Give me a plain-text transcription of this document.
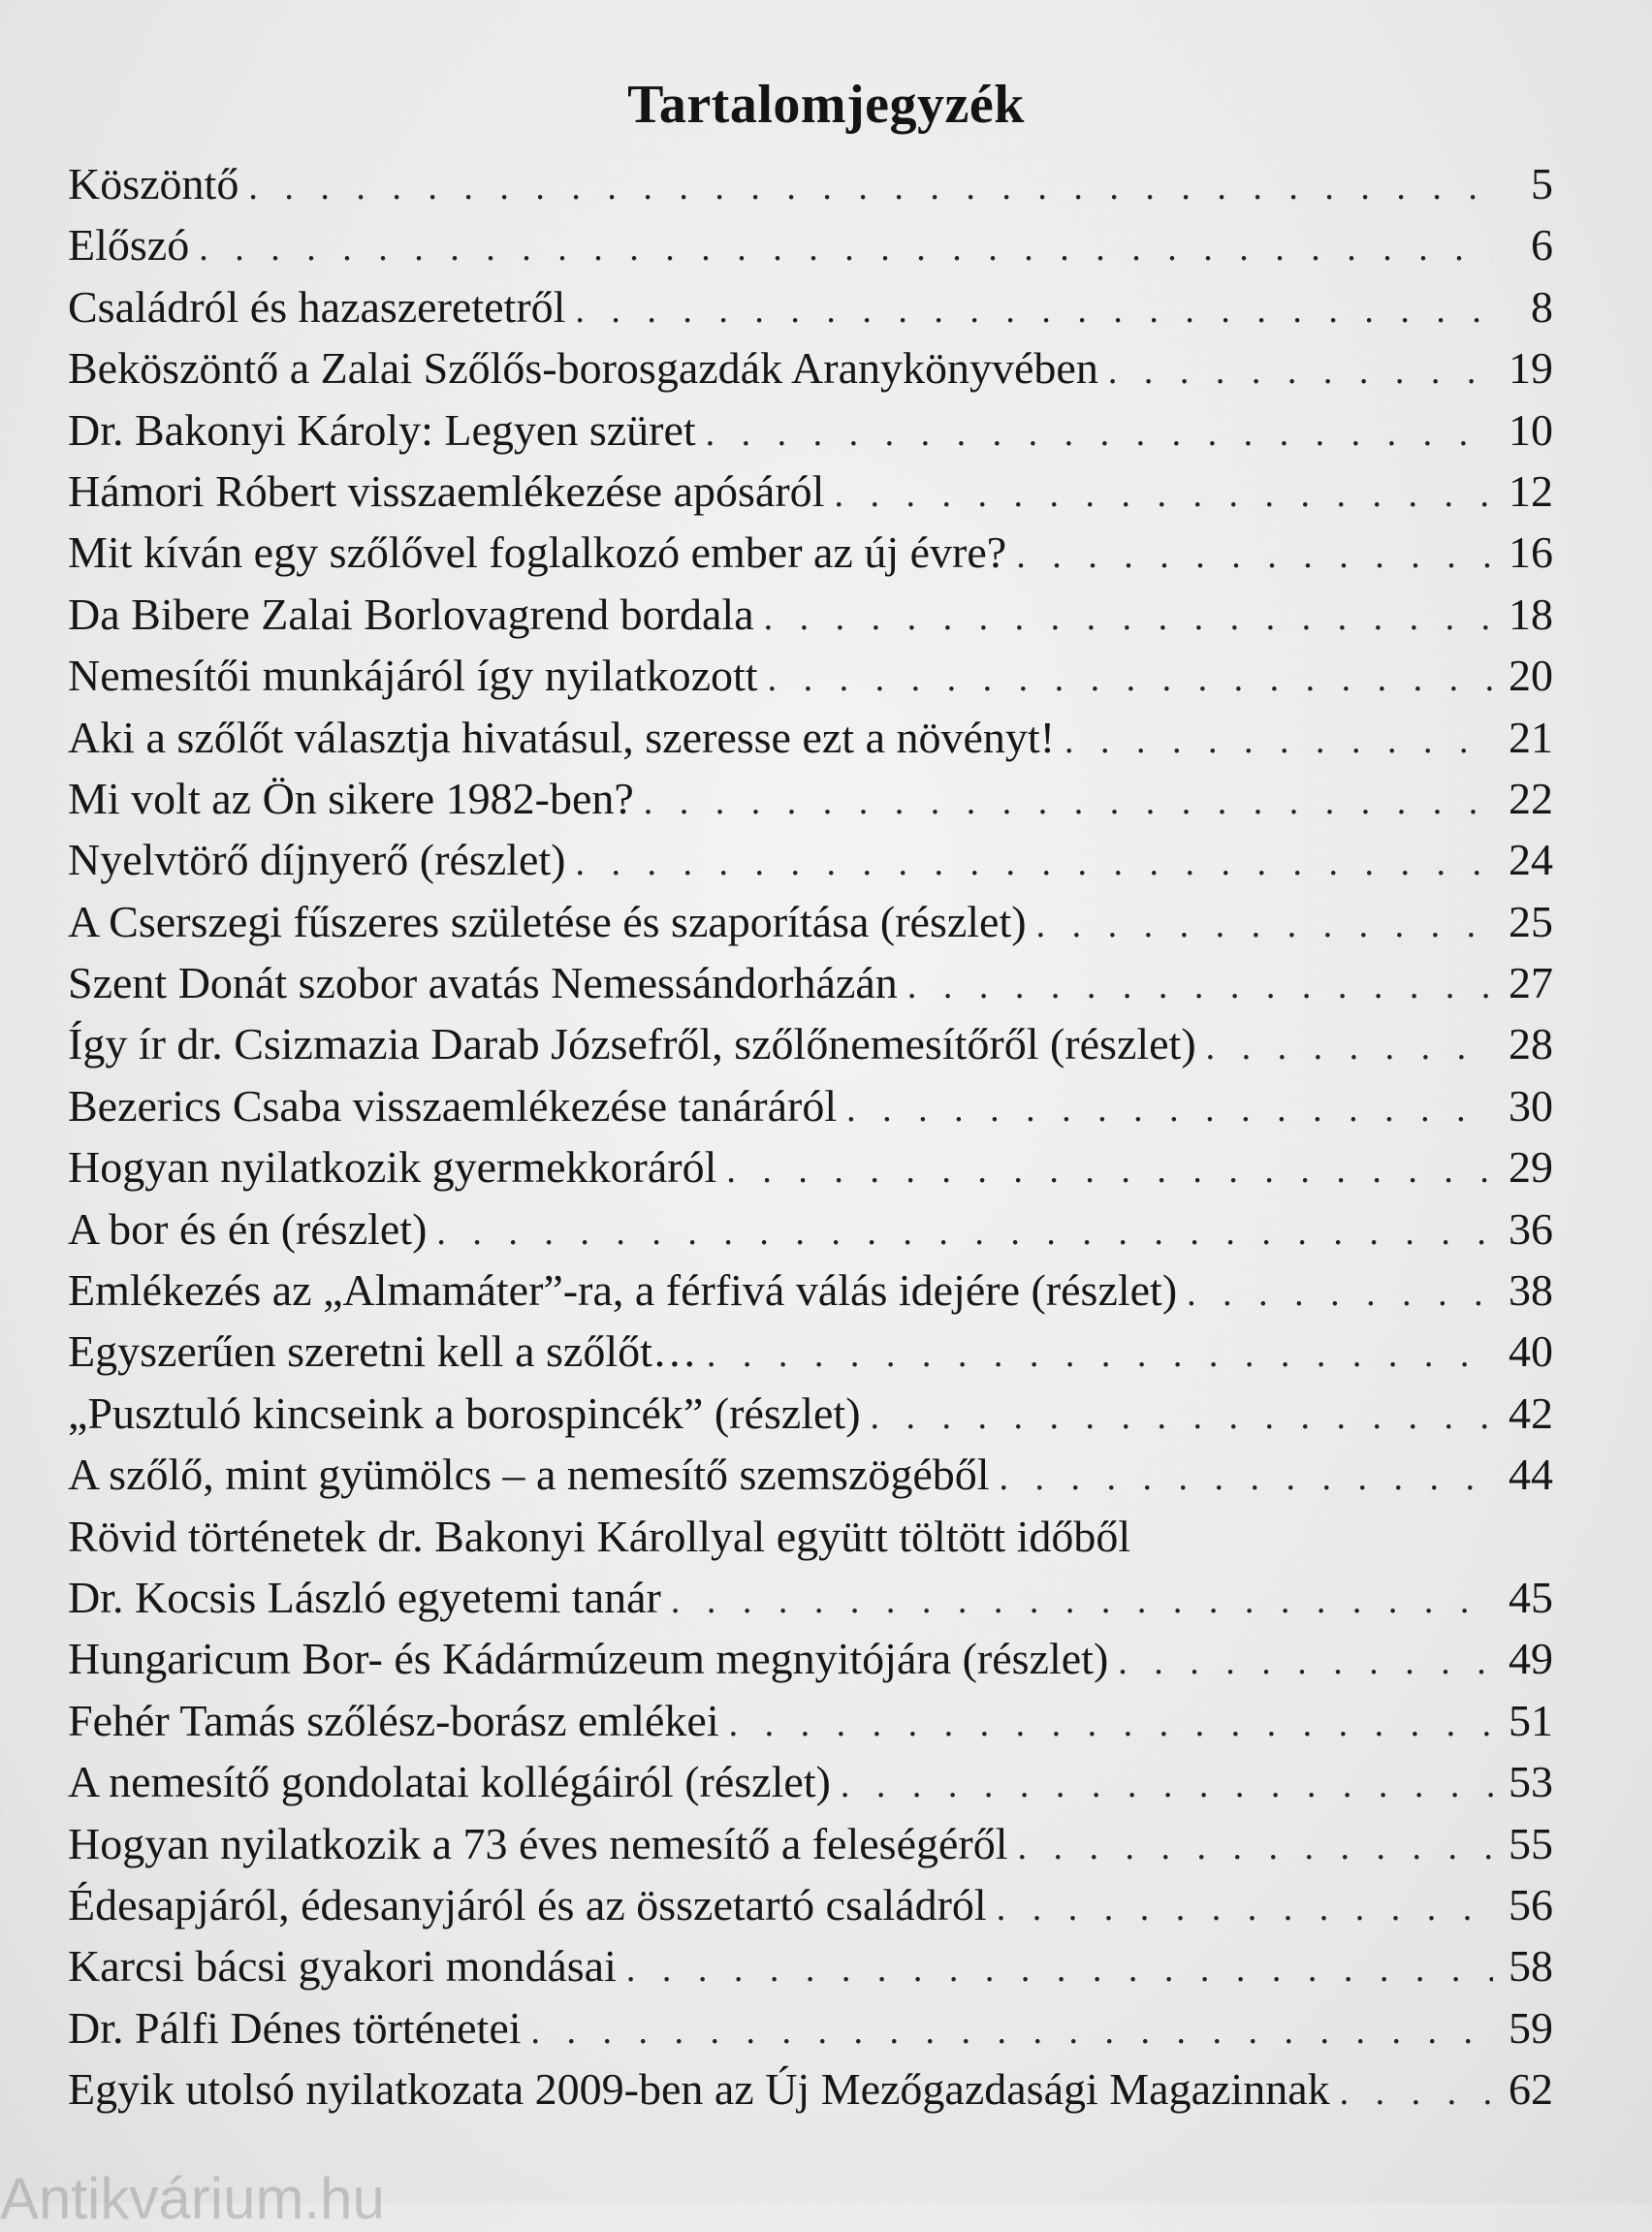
Tartalomjegyzék
Köszöntő . . .	5
Előszó . . .	6
Családról és hazaszeretetről . . .	8
Beköszöntő a Zalai Szőlős-borosgazdák Aranykönyvében . . .	19
Dr. Bakonyi Károly: Legyen szüret . . .	10
Hámori Róbert visszaemlékezése apósáról . . .	12
Mit kíván egy szőlővel foglalkozó ember az új évre? . . .	16
Da Bibere Zalai Borlovagrend bordala . . .	18
Nemesítői munkájáról így nyilatkozott . . .	20
Aki a szőlőt választja hivatásul, szeresse ezt a növényt! . . .	21
Mi volt az Ön sikere 1982-ben? . . .	22
Nyelvtörő díjnyerő (részlet) . . .	24
A Cserszegi fűszeres születése és szaporítása (részlet) . . .	25
Szent Donát szobor avatás Nemessándorházán . . .	27
Így ír dr. Csizmazia Darab Józsefről, szőlőnemesítőről (részlet) . . .	28
Bezerics Csaba visszaemlékezése tanáráról . . .	30
Hogyan nyilatkozik gyermekkoráról . . .	29
A bor és én (részlet) . . .	36
Emlékezés az „Almamáter”-ra, a férfivá válás idejére (részlet) . . .	38
Egyszerűen szeretni kell a szőlőt… . . .	40
„Pusztuló kincseink a borospincék” (részlet) . . .	42
A szőlő, mint gyümölcs – a nemesítő szemszögéből . . .	44
Rövid történetek dr. Bakonyi Károllyal együtt töltött időből
Dr. Kocsis László egyetemi tanár . . .	45
Hungaricum Bor- és Kádármúzeum megnyitójára (részlet) . . .	49
Fehér Tamás szőlész-borász emlékei . . .	51
A nemesítő gondolatai kollégáiról (részlet) . . .	53
Hogyan nyilatkozik a 73 éves nemesítő a feleségéről . . .	55
Édesapjáról, édesanyjáról és az összetartó családról . . .	56
Karcsi bácsi gyakori mondásai . . .	58
Dr. Pálfi Dénes történetei . . .	59
Egyik utolsó nyilatkozata 2009-ben az Új Mezőgazdasági Magazinnak . . .	62
Antikvárium.hu
